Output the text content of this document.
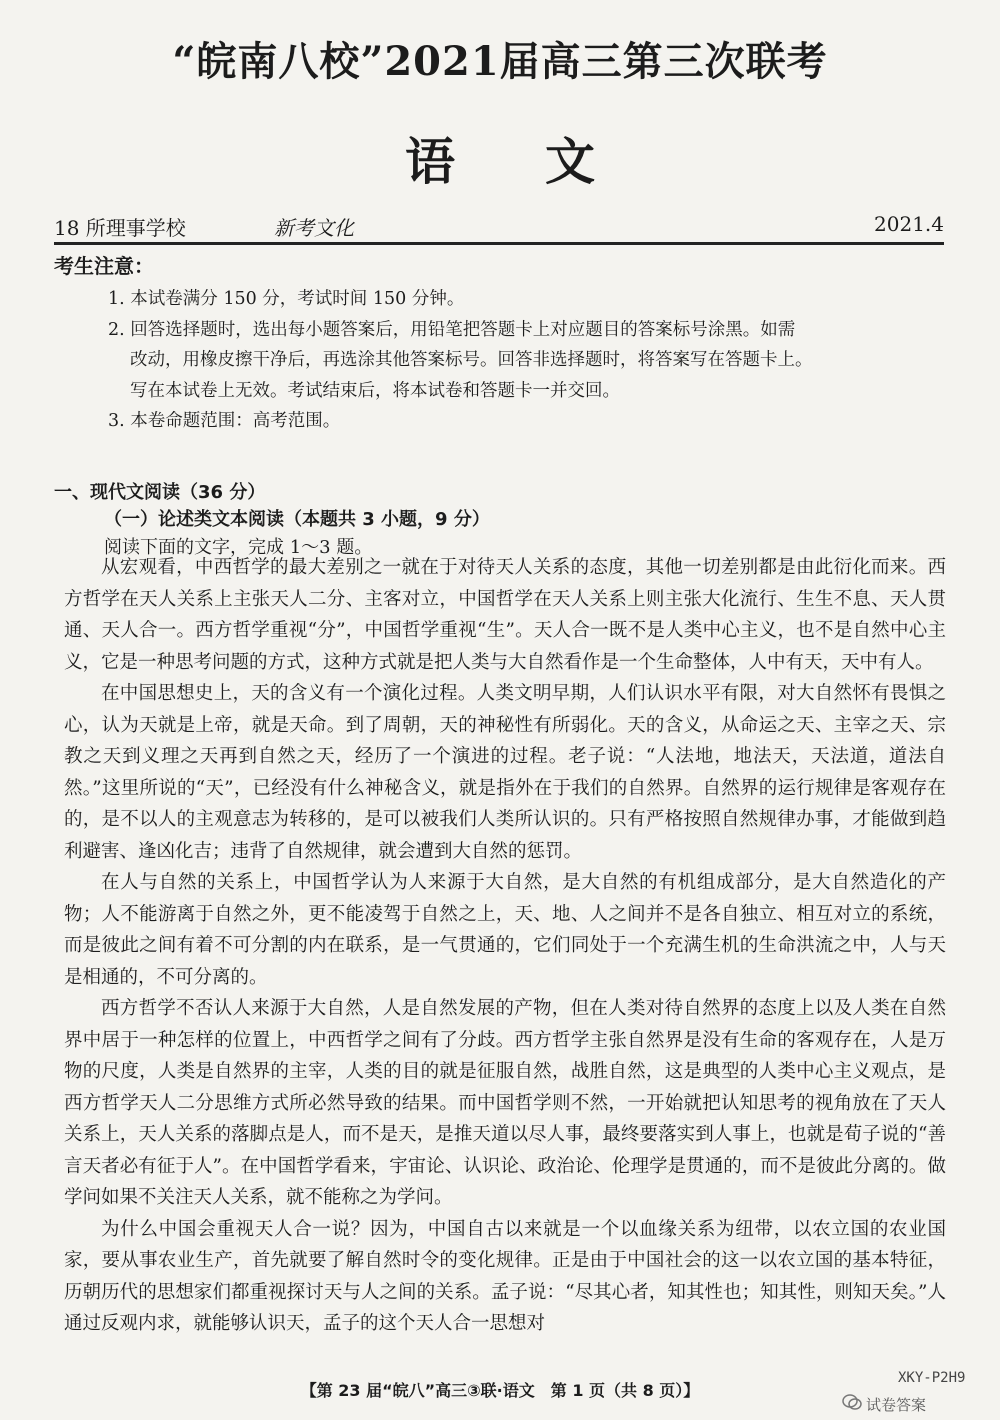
“皖南八校”2021届高三第三次联考
语 文
18 所理事学校	新考文化	2021.4
考生注意：
1. 本试卷满分 150 分，考试时间 150 分钟。
2. 回答选择题时，选出每小题答案后，用铅笔把答题卡上对应题目的答案标号涂黑。如需
改动，用橡皮擦干净后，再选涂其他答案标号。回答非选择题时，将答案写在答题卡上。
写在本试卷上无效。考试结束后，将本试卷和答题卡一并交回。
3. 本卷命题范围：高考范围。
一、现代文阅读（36 分）
（一）论述类文本阅读（本题共 3 小题，9 分）
阅读下面的文字，完成 1～3 题。

从宏观看，中西哲学的最大差别之一就在于对待天人关系的态度，其他一切差别都是由此衍化而来。西方哲学在天人关系上主张天人二分、主客对立，中国哲学在天人关系上则主张大化流行、生生不息、天人贯通、天人合一。西方哲学重视“分”，中国哲学重视“生”。天人合一既不是人类中心主义，也不是自然中心主义，它是一种思考问题的方式，这种方式就是把人类与大自然看作是一个生命整体，人中有天，天中有人。

在中国思想史上，天的含义有一个演化过程。人类文明早期，人们认识水平有限，对大自然怀有畏惧之心，认为天就是上帝，就是天命。到了周朝，天的神秘性有所弱化。天的含义，从命运之天、主宰之天、宗教之天到义理之天再到自然之天，经历了一个演进的过程。老子说：“人法地，地法天，天法道，道法自然。”这里所说的“天”，已经没有什么神秘含义，就是指外在于我们的自然界。自然界的运行规律是客观存在的，是不以人的主观意志为转移的，是可以被我们人类所认识的。只有严格按照自然规律办事，才能做到趋利避害、逢凶化吉；违背了自然规律，就会遭到大自然的惩罚。

在人与自然的关系上，中国哲学认为人来源于大自然，是大自然的有机组成部分，是大自然造化的产物；人不能游离于自然之外，更不能凌驾于自然之上，天、地、人之间并不是各自独立、相互对立的系统，而是彼此之间有着不可分割的内在联系，是一气贯通的，它们同处于一个充满生机的生命洪流之中，人与天是相通的，不可分离的。

西方哲学不否认人来源于大自然，人是自然发展的产物，但在人类对待自然界的态度上以及人类在自然界中居于一种怎样的位置上，中西哲学之间有了分歧。西方哲学主张自然界是没有生命的客观存在，人是万物的尺度，人类是自然界的主宰，人类的目的就是征服自然，战胜自然，这是典型的人类中心主义观点，是西方哲学天人二分思维方式所必然导致的结果。而中国哲学则不然，一开始就把认知思考的视角放在了天人关系上，天人关系的落脚点是人，而不是天，是推天道以尽人事，最终要落实到人事上，也就是荀子说的“善言天者必有征于人”。在中国哲学看来，宇宙论、认识论、政治论、伦理学是贯通的，而不是彼此分离的。做学问如果不关注天人关系，就不能称之为学问。

为什么中国会重视天人合一说？因为，中国自古以来就是一个以血缘关系为纽带，以农立国的农业国家，要从事农业生产，首先就要了解自然时令的变化规律。正是由于中国社会的这一以农立国的基本特征，历朝历代的思想家们都重视探讨天与人之间的关系。孟子说：“尽其心者，知其性也；知其性，则知天矣。”人通过反观内求，就能够认识天，孟子的这个天人合一思想对

【第 23 届“皖八”高三③联·语文　第 1 页（共 8 页）】
XKY-P2H9
试卷答案
